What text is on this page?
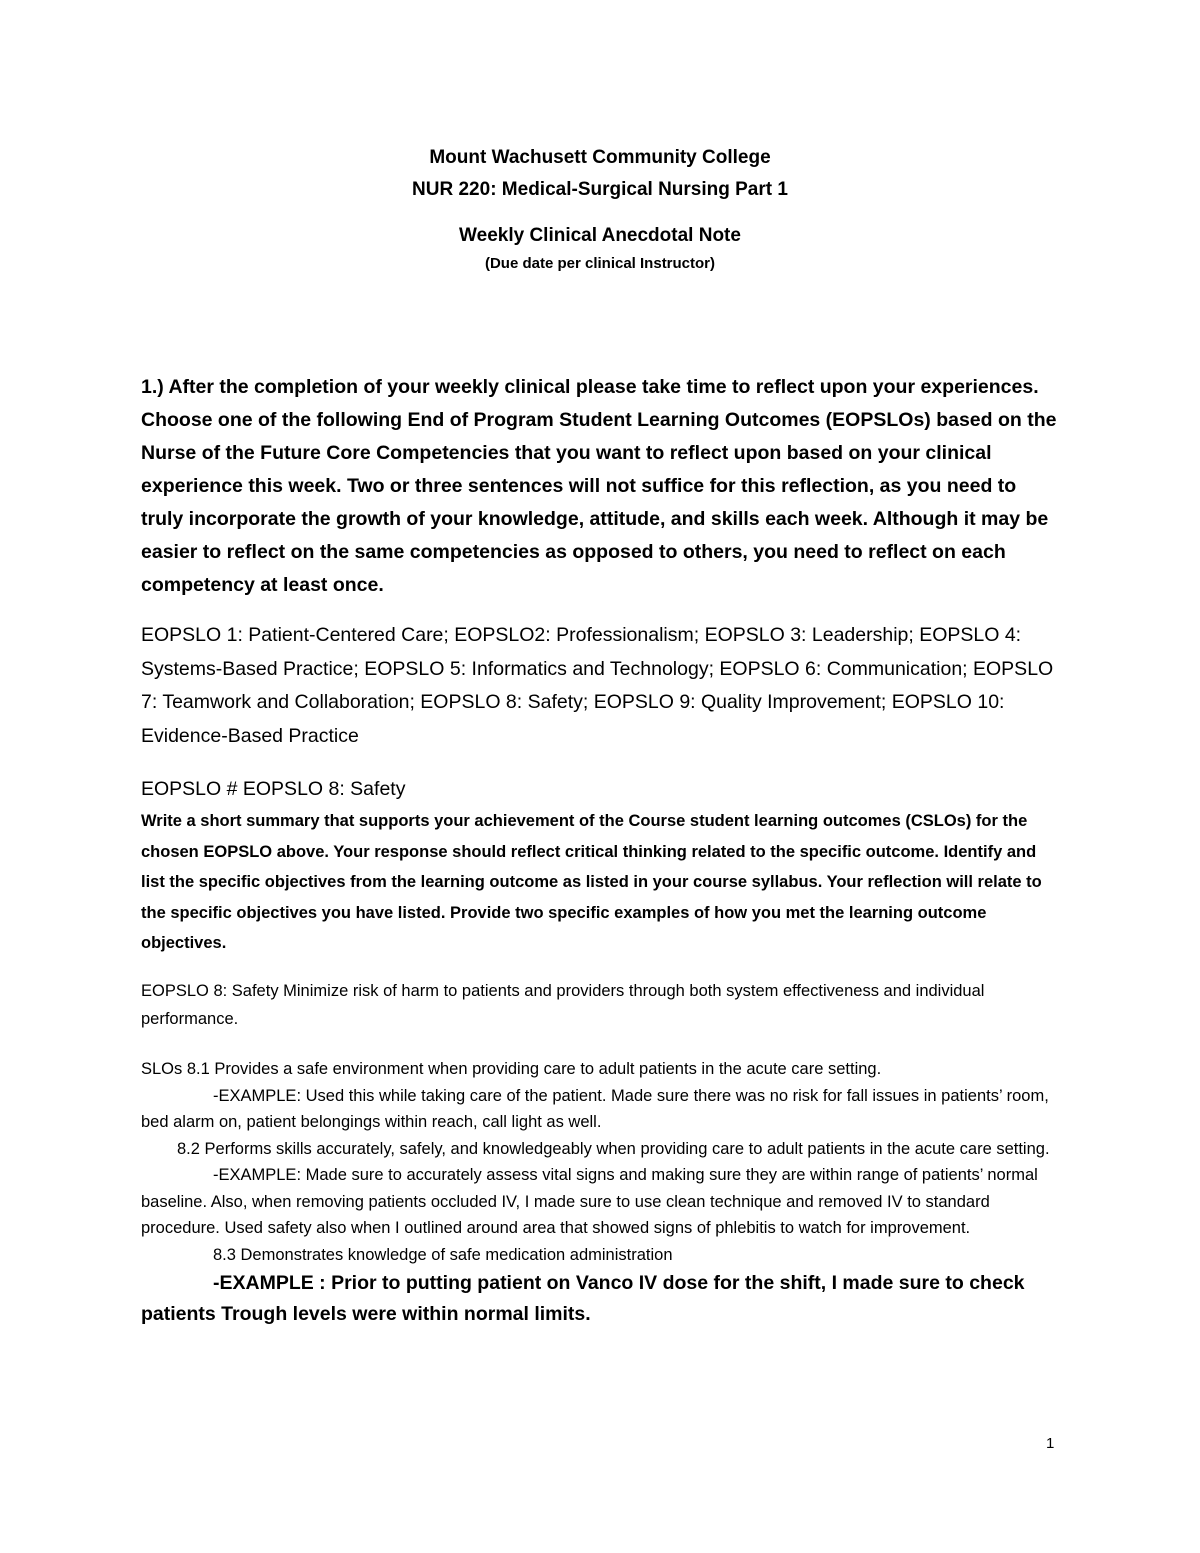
Mount Wachusett Community College
NUR 220: Medical-Surgical Nursing Part 1
Weekly Clinical Anecdotal Note
(Due date per clinical Instructor)

1.) After the completion of your weekly clinical please take time to reflect upon your experiences. Choose one of the following End of Program Student Learning Outcomes (EOPSLOs) based on the Nurse of the Future Core Competencies that you want to reflect upon based on your clinical experience this week. Two or three sentences will not suffice for this reflection, as you need to truly incorporate the growth of your knowledge, attitude, and skills each week. Although it may be easier to reflect on the same competencies as opposed to others, you need to reflect on each competency at least once.

EOPSLO 1: Patient-Centered Care; EOPSLO2: Professionalism; EOPSLO 3: Leadership; EOPSLO 4: Systems-Based Practice; EOPSLO 5: Informatics and Technology; EOPSLO 6: Communication; EOPSLO 7: Teamwork and Collaboration; EOPSLO 8: Safety; EOPSLO 9: Quality Improvement; EOPSLO 10: Evidence-Based Practice

EOPSLO # EOPSLO 8: Safety

Write a short summary that supports your achievement of the Course student learning outcomes (CSLOs) for the chosen EOPSLO above. Your response should reflect critical thinking related to the specific outcome. Identify and list the specific objectives from the learning outcome as listed in your course syllabus. Your reflection will relate to the specific objectives you have listed. Provide two specific examples of how you met the learning outcome objectives.

EOPSLO 8: Safety Minimize risk of harm to patients and providers through both system effectiveness and individual performance.

SLOs 8.1 Provides a safe environment when providing care to adult patients in the acute care setting.

-EXAMPLE: Used this while taking care of the patient. Made sure there was no risk for fall issues in patients’ room, bed alarm on, patient belongings within reach, call light as well.

8.2 Performs skills accurately, safely, and knowledgeably when providing care to adult patients in the acute care setting.

-EXAMPLE: Made sure to accurately assess vital signs and making sure they are within range of patients’ normal baseline. Also, when removing patients occluded IV, I made sure to use clean technique and removed IV to standard procedure. Used safety also when I outlined around area that showed signs of phlebitis to watch for improvement.

8.3 Demonstrates knowledge of safe medication administration

-EXAMPLE : Prior to putting patient on Vanco IV dose for the shift, I made sure to check patients Trough levels were within normal limits.

1
